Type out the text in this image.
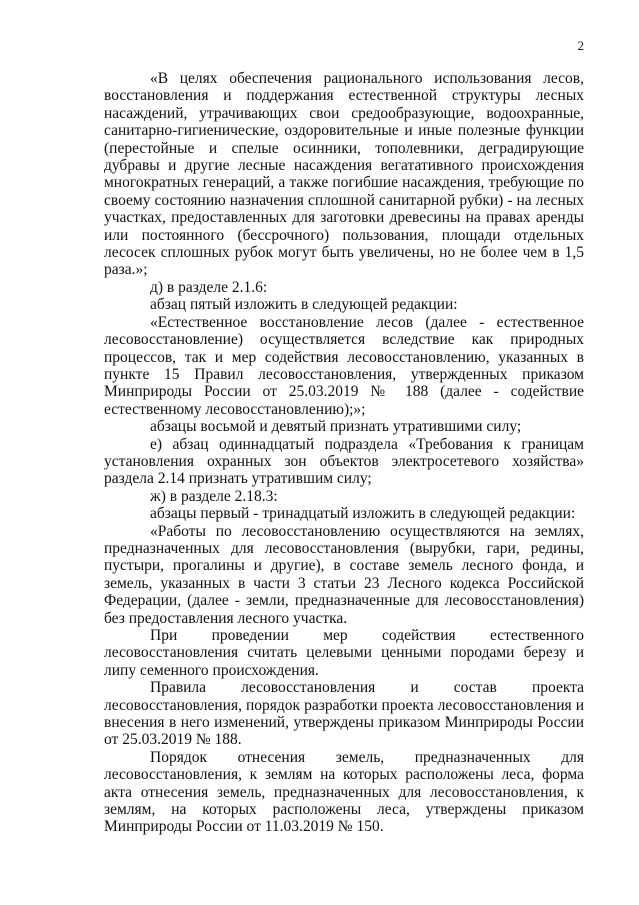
2

«В целях обеспечения рационального использования лесов, восстановления и поддержания естественной структуры лесных насаждений, утрачивающих свои средообразующие, водоохранные, санитарно-гигиенические, оздоровительные и иные полезные функции (перестойные и спелые осинники, тополевники, деградирующие дубравы и другие лесные насаждения вегатативного происхождения многократных генераций, а также погибшие насаждения, требующие по своему состоянию назначения сплошной санитарной рубки) - на лесных участках, предоставленных для заготовки древесины на правах аренды или постоянного (бессрочного) пользования, площади отдельных лесосек сплошных рубок могут быть увеличены, но не более чем в 1,5 раза.»;

д) в разделе 2.1.6:

абзац пятый изложить в следующей редакции:

«Естественное восстановление лесов (далее - естественное лесовосстановление) осуществляется вследствие как природных процессов, так и мер содействия лесовосстановлению, указанных в пункте 15 Правил лесовосстановления, утвержденных приказом Минприроды России от 25.03.2019 № 188 (далее - содействие естественному лесовосстановлению);»;

абзацы восьмой и девятый признать утратившими силу;

е) абзац одиннадцатый подраздела «Требования к границам установления охранных зон объектов электросетевого хозяйства» раздела 2.14 признать утратившим силу;

ж) в разделе 2.18.3:

абзацы первый - тринадцатый изложить в следующей редакции:

«Работы по лесовосстановлению осуществляются на землях, предназначенных для лесовосстановления (вырубки, гари, редины, пустыри, прогалины и другие), в составе земель лесного фонда, и земель, указанных в части 3 статьи 23 Лесного кодекса Российской Федерации, (далее - земли, предназначенные для лесовосстановления) без предоставления лесного участка.

При проведении мер содействия естественного лесовосстановления считать целевыми ценными породами березу и липу семенного происхождения.

Правила лесовосстановления и состав проекта лесовосстановления, порядок разработки проекта лесовосстановления и внесения в него изменений, утверждены приказом Минприроды России от 25.03.2019 № 188.

Порядок отнесения земель, предназначенных для лесовосстановления, к землям на которых расположены леса, форма акта отнесения земель, предназначенных для лесовосстановления, к землям, на которых расположены леса, утверждены приказом Минприроды России от 11.03.2019 № 150.
